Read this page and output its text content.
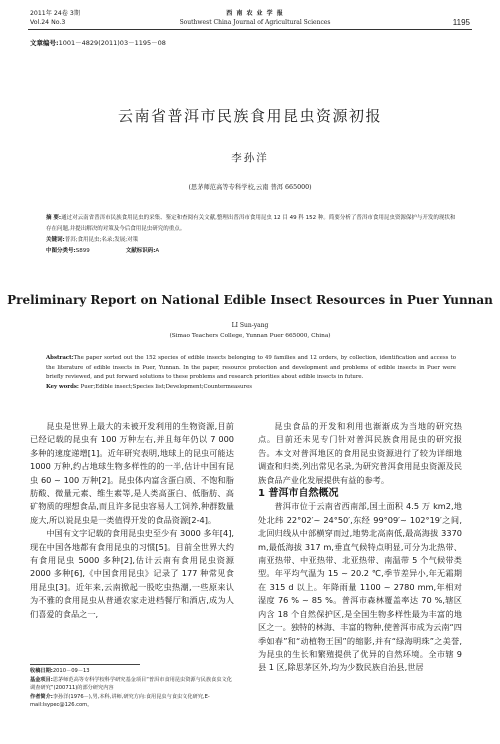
2011年 24卷 3期
Vol.24 No.3
西 南 农 业 学 报
Southwest China Journal of Agricultural Sciences	1195
文章编号:1001－4829(2011)03－1195－08
云南省普洱市民族食用昆虫资源初报
李孙洋
(思茅师范高等专科学校,云南 普洱 665000)
摘 要:通过对云南省普洱市民族食用昆虫的采集、鉴定和查阅有关文献,整理出普洱市食用昆虫 12 目 49 科 152 种。简要分析了普洱市食用昆虫资源保护与开发的现状和存在问题,并提出解决的对策及今后食用昆虫研究的重点。
关键词:普洱;食用昆虫;名录;发展;对策
中图分类号:S899	文献标识码:A
Preliminary Report on National Edible Insect Resources in Puer Yunnan
LI Sun-yang
(Simao Teachers College, Yunnan Puer 665000, China)
Abstract:The paper sorted out the 152 species of edible insects belonging to 49 families and 12 orders, by collection, identification and access to the literature of edible insects in Puer, Yunnan. In the paper, resource protection and development and problems of edible insects in Puer were briefly reviewed, and put forward solutions to these problems and research priorities about edible insects in future.
Key words: Puer;Edible insect;Species list;Development;Countermeasures

昆虫是世界上最大的未被开发利用的生物资源,目前已经记载的昆虫有 100 万种左右,并且每年仍以 7 000 多种的速度递增[1]。近年研究表明,地球上的昆虫可能达 1000 万种,约占地球生物多样性的的一半,估计中国有昆虫 60 ~ 100 万种[2]。昆虫体内富含蛋白质、不饱和脂肪酸、微量元素、维生素等,是人类高蛋白、低脂肪、高矿物质的理想食品,而且许多昆虫容易人工饲养,种群数量庞大,所以说昆虫是一类值得开发的食品资源[2-4]。

中国有文字记载的食用昆虫史至少有 3000 多年[4],现在中国各地都有食用昆虫的习惯[5]。目前全世界大约有食用昆虫 5000 多种[2],估计云南有食用昆虫资源 2000 多种[6],《中国食用昆虫》记录了 177 种常见食用昆虫[3]。近年来,云南掀起一股吃虫热潮,一些原来认为不雅的食用昆虫从普通农家走进档餐厅和酒店,成为人们喜爱的食品之一,

昆虫食品的开发和利用也渐渐成为当地的研究热点。目前还未见专门针对普洱民族食用昆虫的研究报告。本文对普洱地区的食用昆虫资源进行了较为详细地调查和归类,列出常见名录,为研究普洱食用昆虫资源及民族食品产业化发展提供有益的参考。

1 普洱市自然概况

普洱市位于云南省西南部,国土面积 4.5 万 km2,地处北纬 22°02′~ 24°50′,东经 99°09′~ 102°19′之间,北回归线从中部横穿而过,地势北高南低,最高海拔 3370 m,最低海拔 317 m,垂直气候特点明显,可分为北热带、南亚热带、中亚热带、北亚热带、南温带 5 个气候带类型。年平均气温为 15 ~ 20.2 ℃,季节差异小,年无霜期在 315 d 以上。年降雨量 1100 ~ 2780 mm,年相对湿度 76 % ~ 85 %。普洱市森林覆盖率达 70 %,辖区内含 18 个自然保护区,是全国生物多样性最为丰富的地区之一。独特的林海、丰富的物种,使普洱市成为云南“四季如春”和“动植物王国”的缩影,并有“绿海明珠”之美誉,为昆虫的生长和繁殖提供了优异的自然环境。全市辖 9 县 1 区,除思茅区外,均为少数民族自治县,世居

收稿日期:2010－09－13
基金项目:思茅师范高等专科学校科学研究基金项目“普洱市食用昆虫资源与民族食虫文化调查研究”(200711)的部分研究内容
作者简介:李孙洋(1976－),男,本科,讲师,研究方向:食用昆虫与食虫文化研究,E-mail:lsypec@126.com。
